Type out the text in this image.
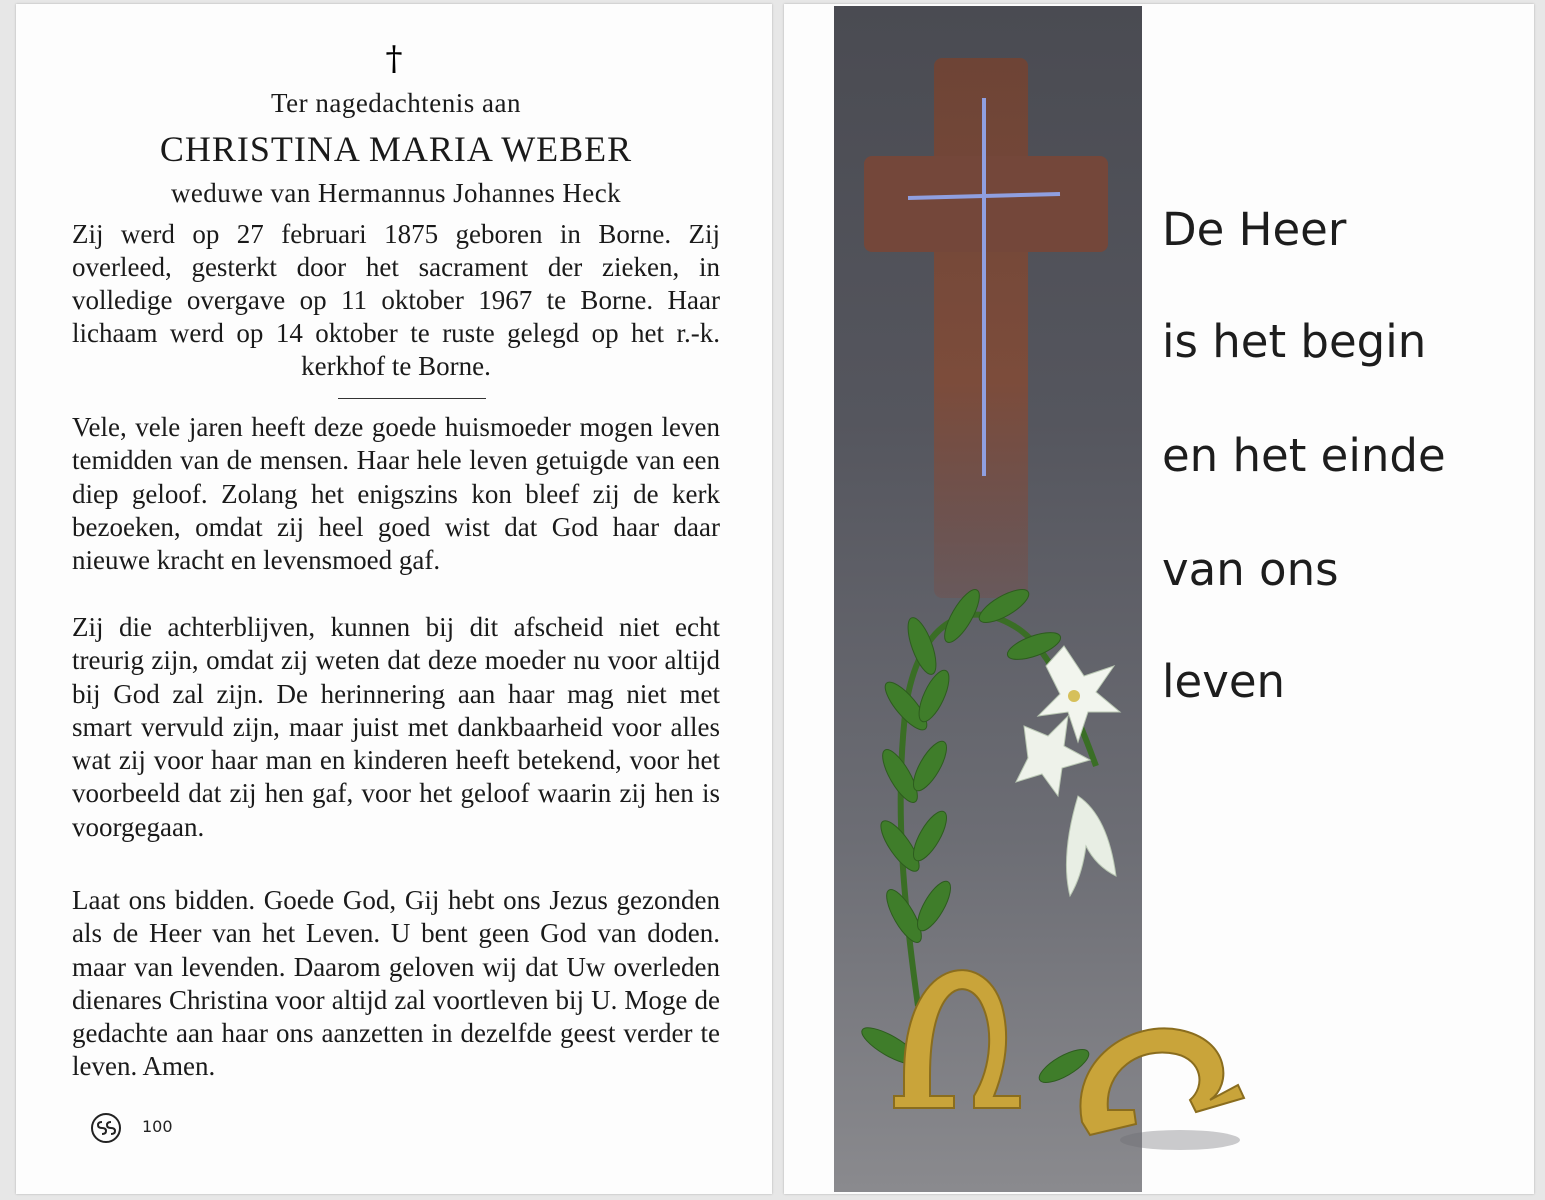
†
Ter nagedachtenis aan
CHRISTINA MARIA WEBER
weduwe van Hermannus Johannes Heck
Zij werd op 27 februari 1875 geboren in Borne. Zij overleed, gesterkt door het sacrament der zieken, in volledige overgave op 11 oktober 1967 te Borne. Haar lichaam werd op 14 oktober te ruste gelegd op het r.-k. kerkhof te Borne.
Vele, vele jaren heeft deze goede huismoeder mogen leven temidden van de mensen. Haar hele leven getuigde van een diep geloof. Zolang het enigszins kon bleef zij de kerk bezoeken, omdat zij heel goed wist dat God haar daar nieuwe kracht en levensmoed gaf.
Zij die achterblijven, kunnen bij dit afscheid niet echt treurig zijn, omdat zij weten dat deze moeder nu voor altijd bij God zal zijn. De herinnering aan haar mag niet met smart vervuld zijn, maar juist met dankbaarheid voor alles wat zij voor haar man en kinderen heeft betekend, voor het voorbeeld dat zij hen gaf, voor het geloof waarin zij hen is voorgegaan.
Laat ons bidden. Goede God, Gij hebt ons Jezus gezonden als de Heer van het Leven. U bent geen God van doden. maar van levenden. Daarom geloven wij dat Uw overleden dienares Christina voor altijd zal voortleven bij U. Moge de gedachte aan haar ons aanzetten in dezelfde geest verder te leven. Amen.
100
De Heer
is het begin
en het einde
van ons
leven
